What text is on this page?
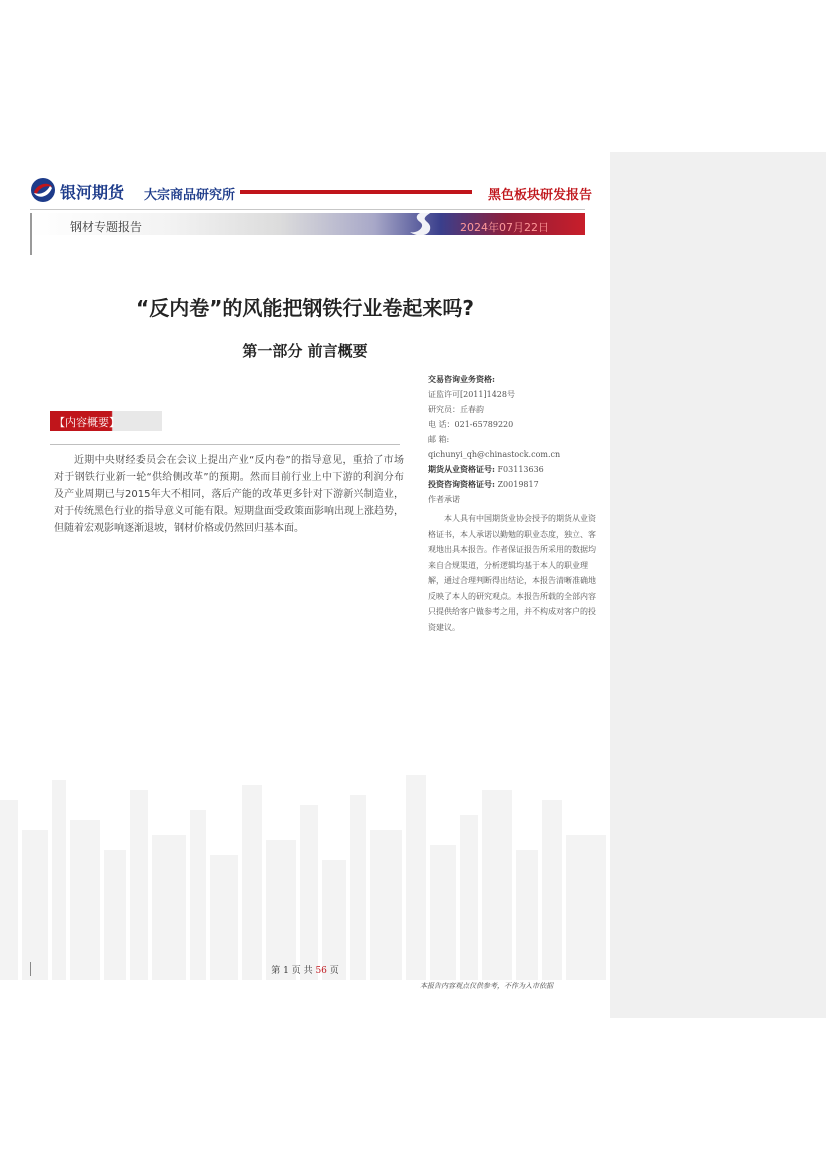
银河期货 大宗商品研究所	黑色板块研发报告
钢材专题报告	2024年07月22日
“反内卷”的风能把钢铁行业卷起来吗?
第一部分 前言概要
【内容概要】
近期中央财经委员会在会议上提出产业“反内卷”的指导意见，重拾了市场对于钢铁行业新一轮“供给侧改革”的预期。然而目前行业上中下游的利润分布及产业周期已与2015年大不相同，落后产能的改革更多针对下游新兴制造业，对于传统黑色行业的指导意义可能有限。短期盘面受政策面影响出现上涨趋势，但随着宏观影响逐渐退坡，钢材价格或仍然回归基本面。
交易咨询业务资格:
证监许可[2011]1428号
研究员：丘春韵
电 话：021-65789220
邮 箱:
qichunyi_qh@chinastock.com.cn
期货从业资格证号: F03113636
投资咨询资格证号: Z0019817
作者承诺
本人具有中国期货业协会授予的期货从业资格证书，本人承诺以勤勉的职业态度，独立、客观地出具本报告。作者保证报告所采用的数据均来自合规渠道，分析逻辑均基于本人的职业理解，通过合理判断得出结论，本报告清晰准确地反映了本人的研究观点。本报告所载的全部内容只提供给客户做参考之用，并不构成对客户的投资建议。
第 1 页 共 56 页
本报告内容观点仅供参考，不作为入市依据
